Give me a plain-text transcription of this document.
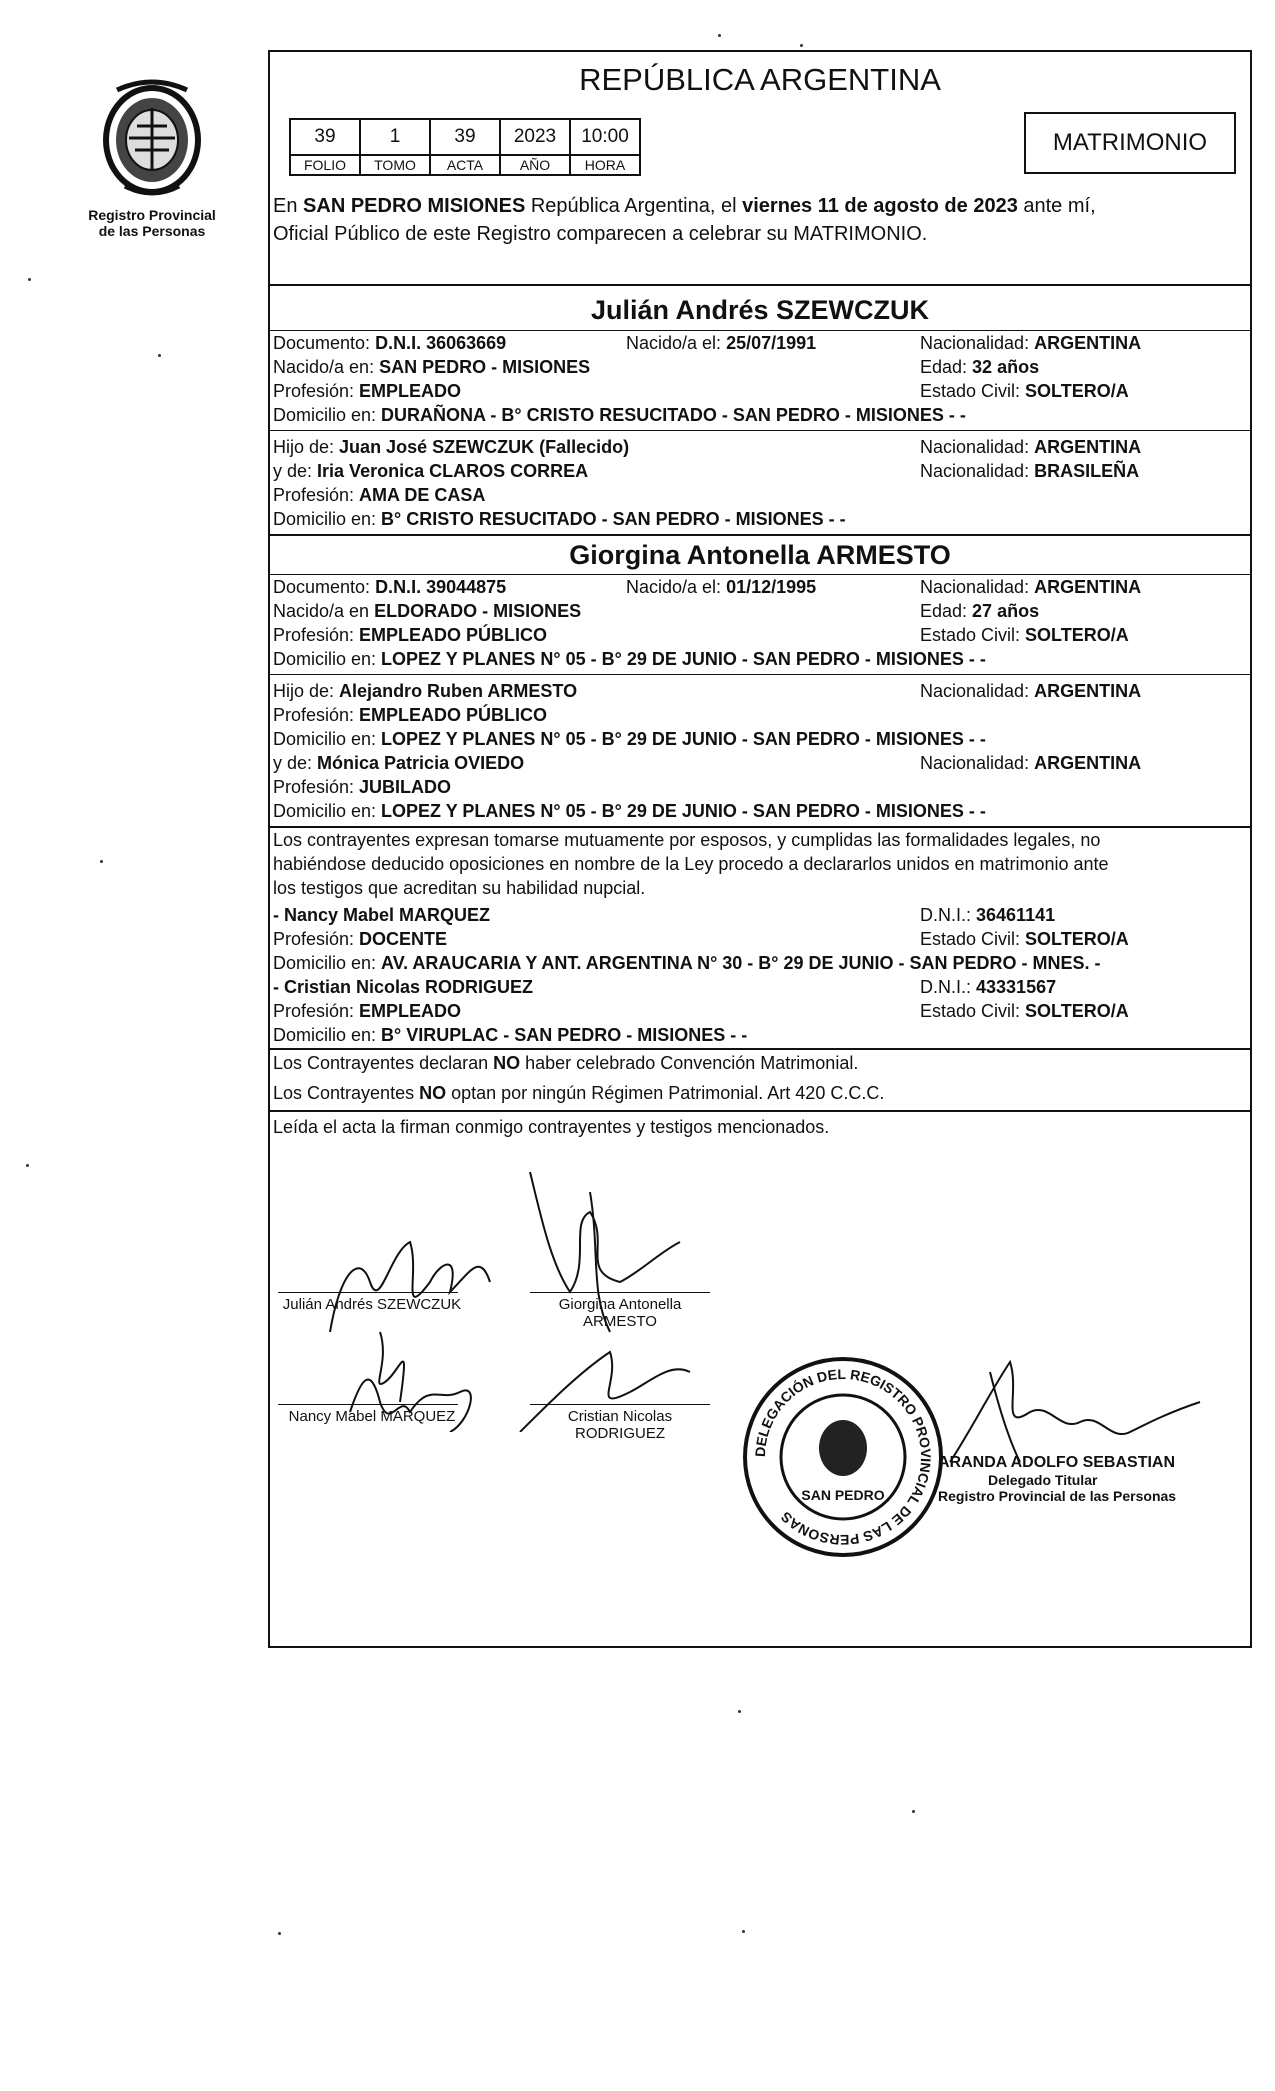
Registro Provincial
de las Personas
REPÚBLICA ARGENTINA
39	1	39	2023	10:00
FOLIO	TOMO	ACTA	AÑO	HORA
MATRIMONIO
En SAN PEDRO MISIONES República Argentina, el viernes 11 de agosto de 2023 ante mí,
Oficial Público de este Registro comparecen a celebrar su MATRIMONIO.
Julián Andrés SZEWCZUK
Documento: D.N.I. 36063669	Nacido/a el: 25/07/1991	Nacionalidad: ARGENTINA
Nacido/a en: SAN PEDRO - MISIONES	Edad: 32 años
Profesión: EMPLEADO	Estado Civil: SOLTERO/A
Domicilio en: DURAÑONA - B° CRISTO RESUCITADO - SAN PEDRO - MISIONES - -
Hijo de: Juan José SZEWCZUK (Fallecido)	Nacionalidad: ARGENTINA
y de: Iria Veronica CLAROS CORREA	Nacionalidad: BRASILEÑA
Profesión: AMA DE CASA
Domicilio en: B° CRISTO RESUCITADO - SAN PEDRO - MISIONES - -
Giorgina Antonella ARMESTO
Documento: D.N.I. 39044875	Nacido/a el: 01/12/1995	Nacionalidad: ARGENTINA
Nacido/a en ELDORADO - MISIONES	Edad: 27 años
Profesión: EMPLEADO PÚBLICO	Estado Civil: SOLTERO/A
Domicilio en: LOPEZ Y PLANES N° 05 - B° 29 DE JUNIO - SAN PEDRO - MISIONES - -
Hijo de: Alejandro Ruben ARMESTO	Nacionalidad: ARGENTINA
Profesión: EMPLEADO PÚBLICO
Domicilio en: LOPEZ Y PLANES N° 05 - B° 29 DE JUNIO - SAN PEDRO - MISIONES - -
y de: Mónica Patricia OVIEDO	Nacionalidad: ARGENTINA
Profesión: JUBILADO
Domicilio en: LOPEZ Y PLANES N° 05 - B° 29 DE JUNIO - SAN PEDRO - MISIONES - -
Los contrayentes expresan tomarse mutuamente por esposos, y cumplidas las formalidades legales, no
habiéndose deducido oposiciones en nombre de la Ley procedo a declararlos unidos en matrimonio ante
los testigos que acreditan su habilidad nupcial.
- Nancy Mabel MARQUEZ	D.N.I.: 36461141
Profesión: DOCENTE	Estado Civil: SOLTERO/A
Domicilio en: AV. ARAUCARIA Y ANT. ARGENTINA N° 30 - B° 29 DE JUNIO - SAN PEDRO - MNES. -
- Cristian Nicolas RODRIGUEZ	D.N.I.: 43331567
Profesión: EMPLEADO	Estado Civil: SOLTERO/A
Domicilio en: B° VIRUPLAC - SAN PEDRO - MISIONES - -
Los Contrayentes declaran NO haber celebrado Convención Matrimonial.
Los Contrayentes NO optan por ningún Régimen Patrimonial. Art 420 C.C.C.
Leída el acta la firman conmigo contrayentes y testigos mencionados.
Julián Andrés SZEWCZUK	Giorgina Antonella
ARMESTO
Nancy Mabel MARQUEZ	Cristian Nicolas
RODRIGUEZ
DELEGACIÓN DEL REGISTRO PROVINCIAL DE LAS PERSONAS
SAN PEDRO
ARANDA ADOLFO SEBASTIAN
Delegado Titular
Registro Provincial de las Personas
